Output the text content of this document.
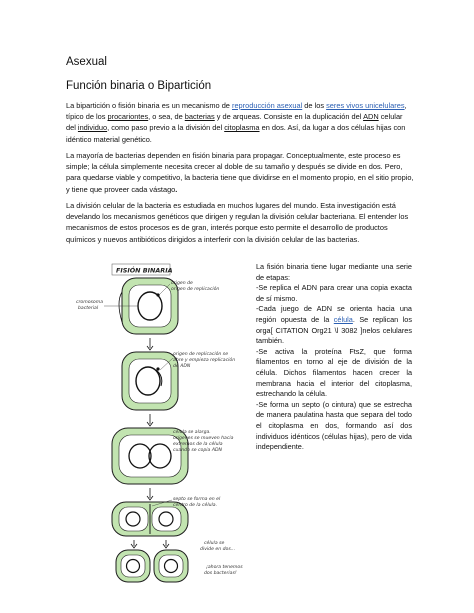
Asexual
Función binaria o Bipartición
La bipartición o fisión binaria es un mecanismo de reproducción asexual de los seres vivos unicelulares, típico de los procariontes, o sea, de bacterias y de arqueas. Consiste en la duplicación del ADN celular del individuo, como paso previo a la división del citoplasma en dos. Así, da lugar a dos células hijas con idéntico material genético.
La mayoría de bacterias dependen en fisión binaria para propagar. Conceptualmente, este proceso es simple; la célula simplemente necesita crecer al doble de su tamaño y después se divide en dos. Pero, para quedarse viable y competitivo, la bacteria tiene que dividirse en el momento propio, en el sitio propio, y tiene que proveer cada vástago.
La división celular de la bacteria es estudiada en muchos lugares del mundo. Esta investigación está develando los mecanismos genéticos que dirigen y regulan la división celular bacteriana. El entender los mecanismos de estos procesos es de gran, interés porque esto permite el desarrollo de productos químicos y nuevos antibióticos dirigidos a interferir con la división celular de las bacterias.
FISIÓN BINARIA
origen de
origen de replicación
cromosoma
bacterial
origen de replicación se
abre y empieza replicación
de ADN
célula se alarga.
orígenes se mueven hacia
extremos de la célula
cuando se copia ADN
septo se forma en el
centro de la célula.
célula se
divide en dos...
¡ahora tenemos
dos bacterias!
La fisión binaria tiene lugar mediante una serie de etapas:
-Se replica el ADN para crear una copia exacta de sí mismo.
-Cada juego de ADN se orienta hacia una región opuesta de la célula. Se replican los orga[ CITATION Org21 \l 3082 ]nelos celulares también.
-Se activa la proteína FtsZ, que forma filamentos en torno al eje de división de la célula. Dichos filamentos hacen crecer la membrana hacia el interior del citoplasma, estrechando la célula.
-Se forma un septo (o cintura) que se estrecha de manera paulatina hasta que separa del todo el citoplasma en dos, formando así dos individuos idénticos (células hijas), pero de vida independiente.
